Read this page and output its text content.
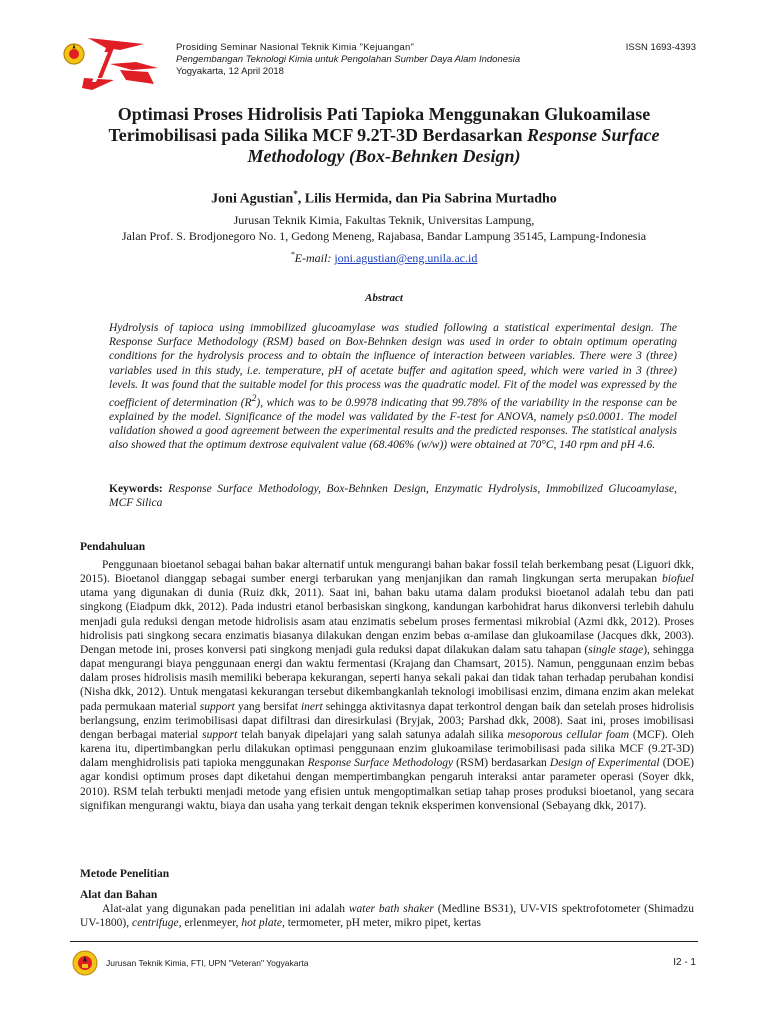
Prosiding Seminar Nasional Teknik Kimia "Kejuangan"
Pengembangan Teknologi Kimia untuk Pengolahan Sumber Daya Alam Indonesia
Yogyakarta, 12 April 2018
ISSN 1693-4393
Optimasi Proses Hidrolisis Pati Tapioka Menggunakan Glukoamilase
Terimobilisasi pada Silika MCF 9.2T-3D Berdasarkan Response Surface
Methodology (Box-Behnken Design)
Joni Agustian*, Lilis Hermida, dan Pia Sabrina Murtadho
Jurusan Teknik Kimia, Fakultas Teknik, Universitas Lampung,
Jalan Prof. S. Brodjonegoro No. 1, Gedong Meneng, Rajabasa, Bandar Lampung 35145, Lampung-Indonesia
*E-mail: joni.agustian@eng.unila.ac.id
Abstract

Hydrolysis of tapioca using immobilized glucoamylase was studied following a statistical experimental design. The Response Surface Methodology (RSM) based on Box-Behnken design was used in order to obtain optimum operating conditions for the hydrolysis process and to obtain the influence of interaction between variables. There were 3 (three) variables used in this study, i.e. temperature, pH of acetate buffer and agitation speed, which were varied in 3 (three) levels. It was found that the suitable model for this process was the quadratic model. Fit of the model was expressed by the coefficient of determination $(R^2)$, which was to be 0.9978 indicating that 99.78% of the variability in the response can be explained by the model. Significance of the model was validated by the F-test for ANOVA, namely p≤0.0001. The model validation showed a good agreement between the experimental results and the predicted responses. The statistical analysis also showed that the optimum dextrose equivalent value (68.406% (w/w)) were obtained at 70°C, 140 rpm and pH 4.6.

Keywords: Response Surface Methodology, Box-Behnken Design, Enzymatic Hydrolysis, Immobilized Glucoamylase, MCF Silica

Pendahuluan

Penggunaan bioetanol sebagai bahan bakar alternatif untuk mengurangi bahan bakar fossil telah berkembang pesat (Liguori dkk, 2015). Bioetanol dianggap sebagai sumber energi terbarukan yang menjanjikan dan ramah lingkungan serta merupakan biofuel utama yang digunakan di dunia (Ruiz dkk, 2011). Saat ini, bahan baku utama dalam produksi bioetanol adalah tebu dan pati singkong (Eiadpum dkk, 2012). Pada industri etanol berbasiskan singkong, kandungan karbohidrat harus dikonversi terlebih dahulu menjadi gula reduksi dengan metode hidrolisis asam atau enzimatis sebelum proses fermentasi mikrobial (Azmi dkk, 2012). Proses hidrolisis pati singkong secara enzimatis biasanya dilakukan dengan enzim bebas α-amilase dan glukoamilase (Jacques dkk, 2003). Dengan metode ini, proses konversi pati singkong menjadi gula reduksi dapat dilakukan dalam satu tahapan (single stage), sehingga dapat mengurangi biaya penggunaan energi dan waktu fermentasi (Krajang dan Chamsart, 2015). Namun, penggunaan enzim bebas dalam proses hidrolisis masih memiliki beberapa kekurangan, seperti hanya sekali pakai dan tidak tahan terhadap perubahan kondisi (Nisha dkk, 2012). Untuk mengatasi kekurangan tersebut dikembangkanlah teknologi imobilisasi enzim, dimana enzim akan melekat pada permukaan material support yang bersifat inert sehingga aktivitasnya dapat terkontrol dengan baik dan setelah proses hidrolisis berlangsung, enzim terimobilisasi dapat difiltrasi dan diresirkulasi (Bryjak, 2003; Parshad dkk, 2008). Saat ini, proses imobilisasi dengan berbagai material support telah banyak dipelajari yang salah satunya adalah silika mesoporous cellular foam (MCF). Oleh karena itu, dipertimbangkan perlu dilakukan optimasi penggunaan enzim glukoamilase terimobilisasi pada silika MCF (9.2T-3D) dalam menghidrolisis pati tapioka menggunakan Response Surface Methodology (RSM) berdasarkan Design of Experimental (DOE) agar kondisi optimum proses dapt diketahui dengan mempertimbangkan pengaruh interaksi antar parameter operasi (Soyer dkk, 2010). RSM telah terbukti menjadi metode yang efisien untuk mengoptimalkan setiap tahap proses produksi bioetanol, yang secara signifikan mengurangi waktu, biaya dan usaha yang terkait dengan teknik eksperimen konvensional (Sebayang dkk, 2017).

Metode Penelitian
Alat dan Bahan

Alat-alat yang digunakan pada penelitian ini adalah water bath shaker (Medline BS31), UV-VIS spektrofotometer (Shimadzu UV-1800), centrifuge, erlenmeyer, hot plate, termometer, pH meter, mikro pipet, kertas

Jurusan Teknik Kimia, FTI, UPN "Veteran" Yogyakarta	I2 - 1
